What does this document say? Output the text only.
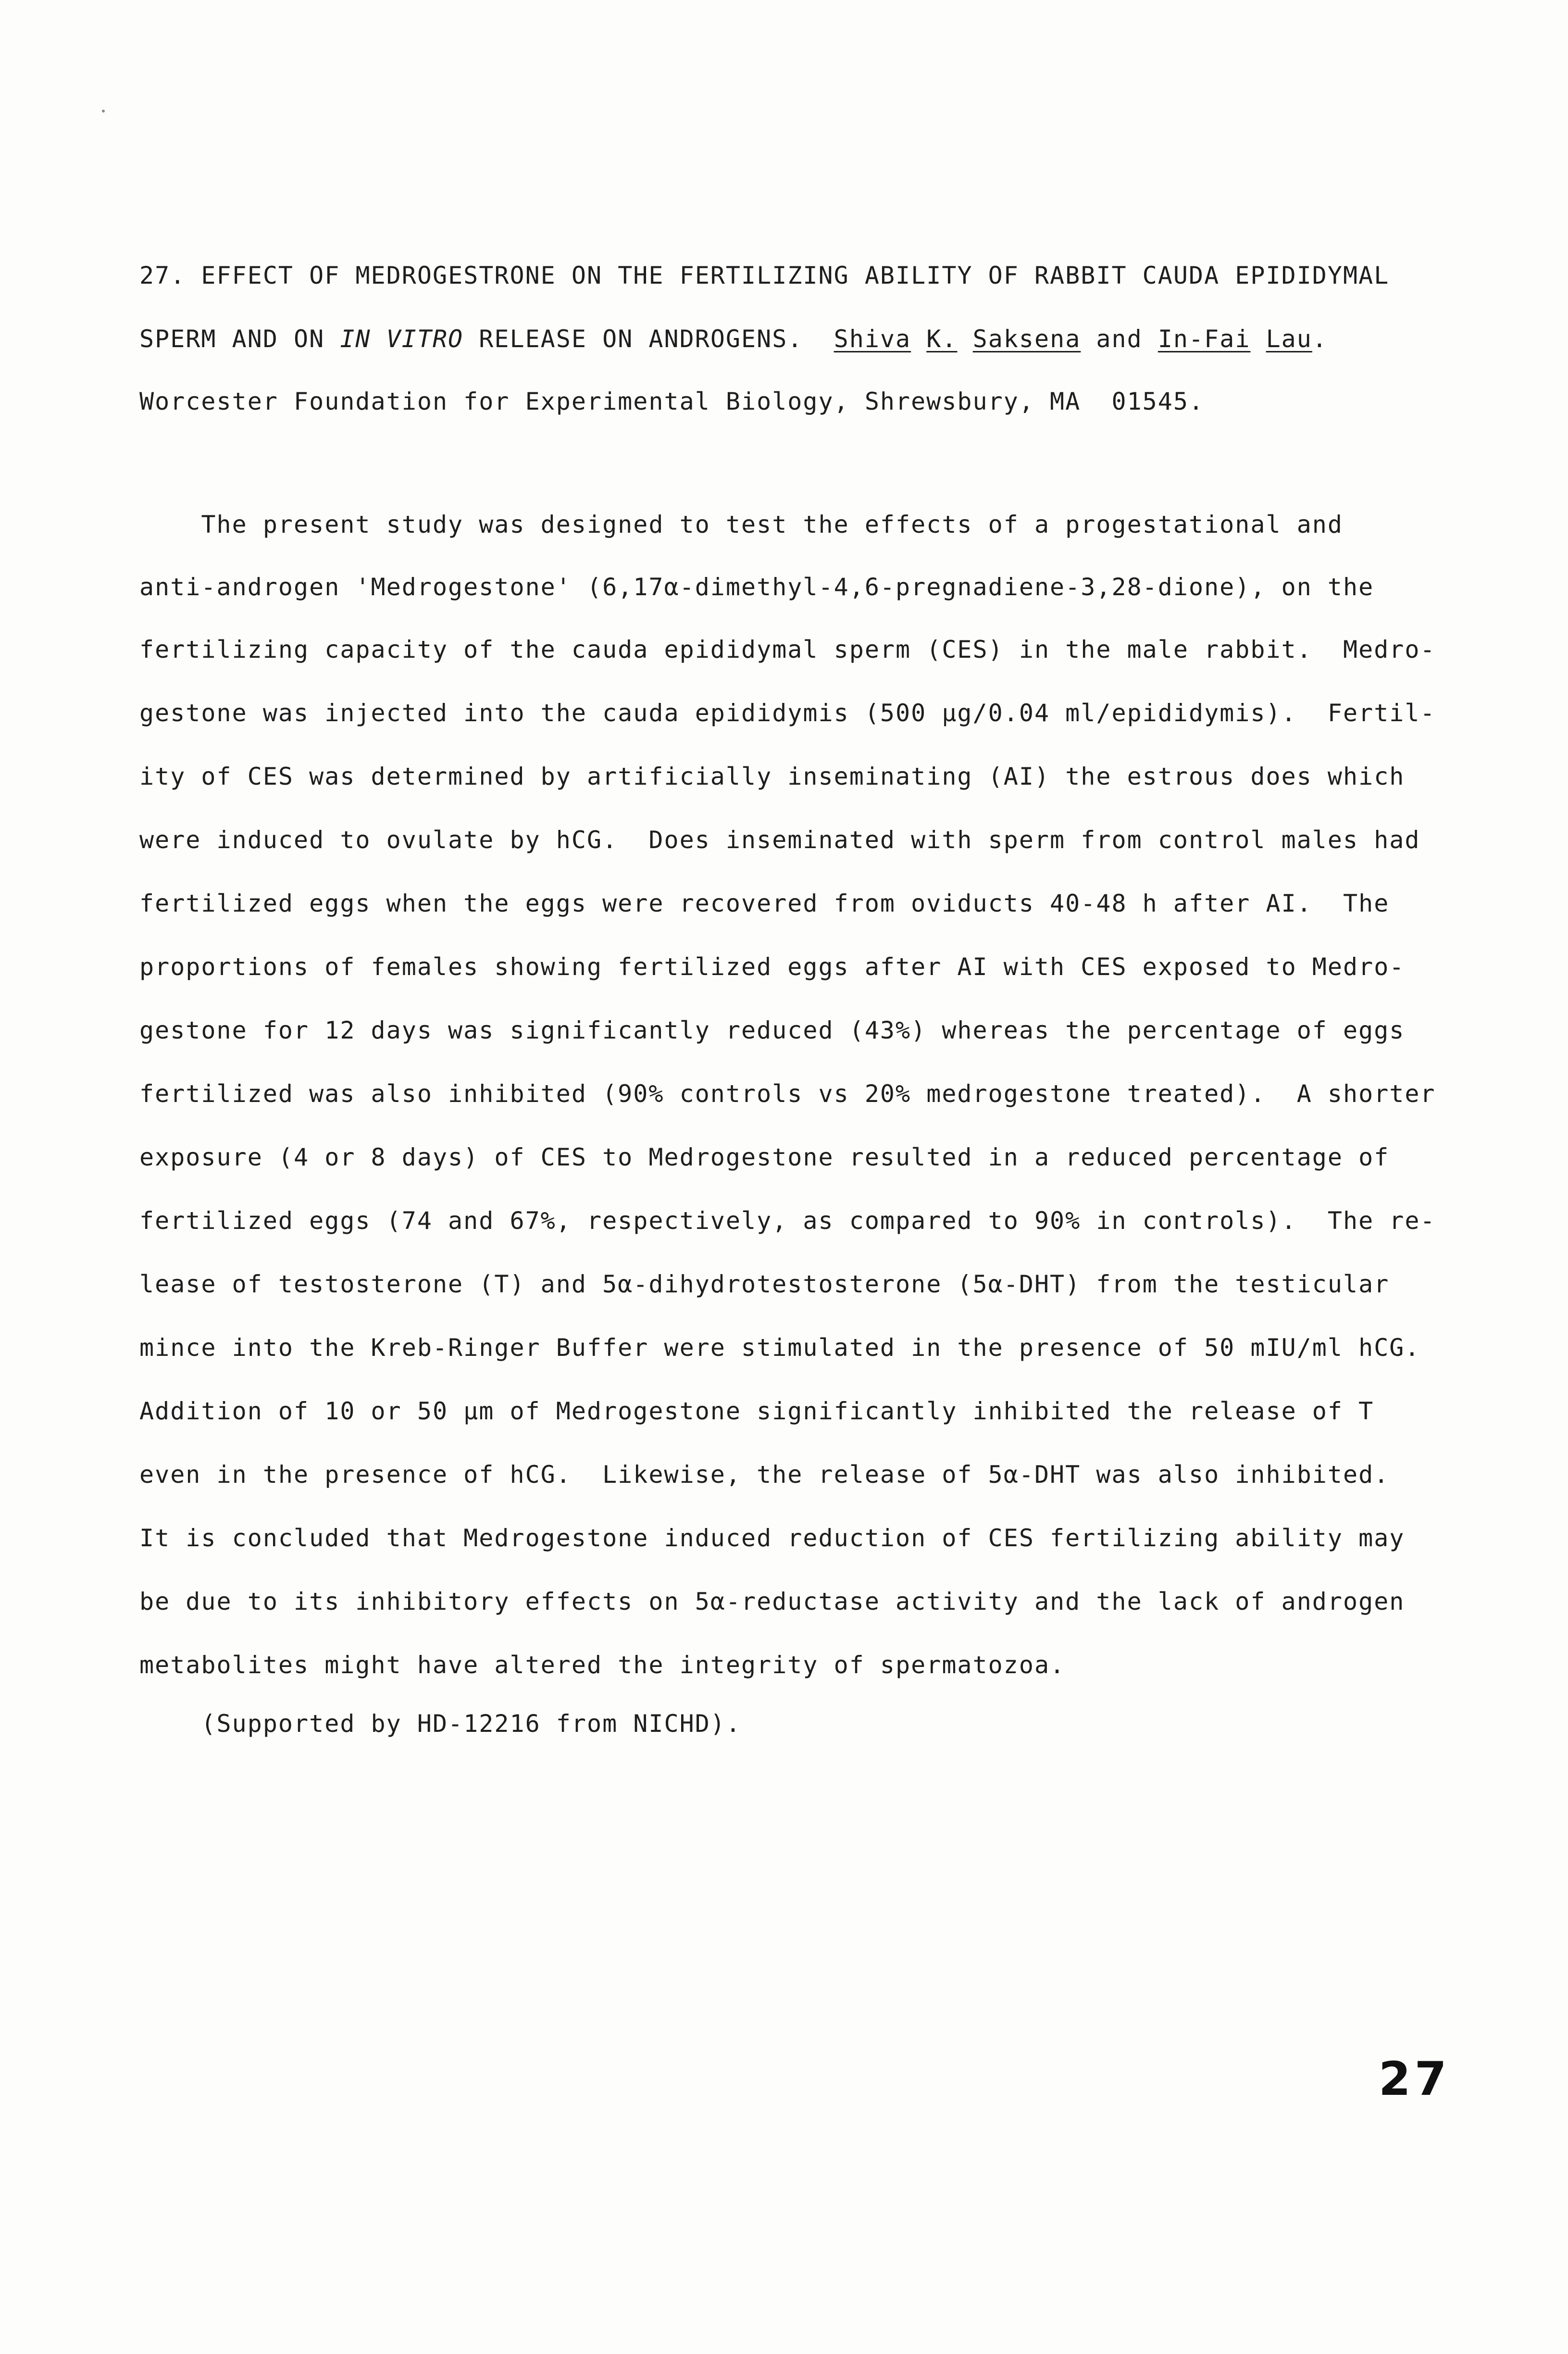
27. EFFECT OF MEDROGESTRONE ON THE FERTILIZING ABILITY OF RABBIT CAUDA EPIDIDYMAL
SPERM AND ON IN VITRO RELEASE ON ANDROGENS.  Shiva K. Saksena and In-Fai Lau.
Worcester Foundation for Experimental Biology, Shrewsbury, MA  01545.
The present study was designed to test the effects of a progestational and
anti-androgen 'Medrogestone' (6,17α-dimethyl-4,6-pregnadiene-3,28-dione), on the
fertilizing capacity of the cauda epididymal sperm (CES) in the male rabbit.  Medro-
gestone was injected into the cauda epididymis (500 μg/0.04 ml/epididymis).  Fertil-
ity of CES was determined by artificially inseminating (AI) the estrous does which
were induced to ovulate by hCG.  Does inseminated with sperm from control males had
fertilized eggs when the eggs were recovered from oviducts 40-48 h after AI.  The
proportions of females showing fertilized eggs after AI with CES exposed to Medro-
gestone for 12 days was significantly reduced (43%) whereas the percentage of eggs
fertilized was also inhibited (90% controls vs 20% medrogestone treated).  A shorter
exposure (4 or 8 days) of CES to Medrogestone resulted in a reduced percentage of
fertilized eggs (74 and 67%, respectively, as compared to 90% in controls).  The re-
lease of testosterone (T) and 5α-dihydrotestosterone (5α-DHT) from the testicular
mince into the Kreb-Ringer Buffer were stimulated in the presence of 50 mIU/ml hCG.
Addition of 10 or 50 μm of Medrogestone significantly inhibited the release of T
even in the presence of hCG.  Likewise, the release of 5α-DHT was also inhibited.
It is concluded that Medrogestone induced reduction of CES fertilizing ability may
be due to its inhibitory effects on 5α-reductase activity and the lack of androgen
metabolites might have altered the integrity of spermatozoa.
(Supported by HD-12216 from NICHD).
27
